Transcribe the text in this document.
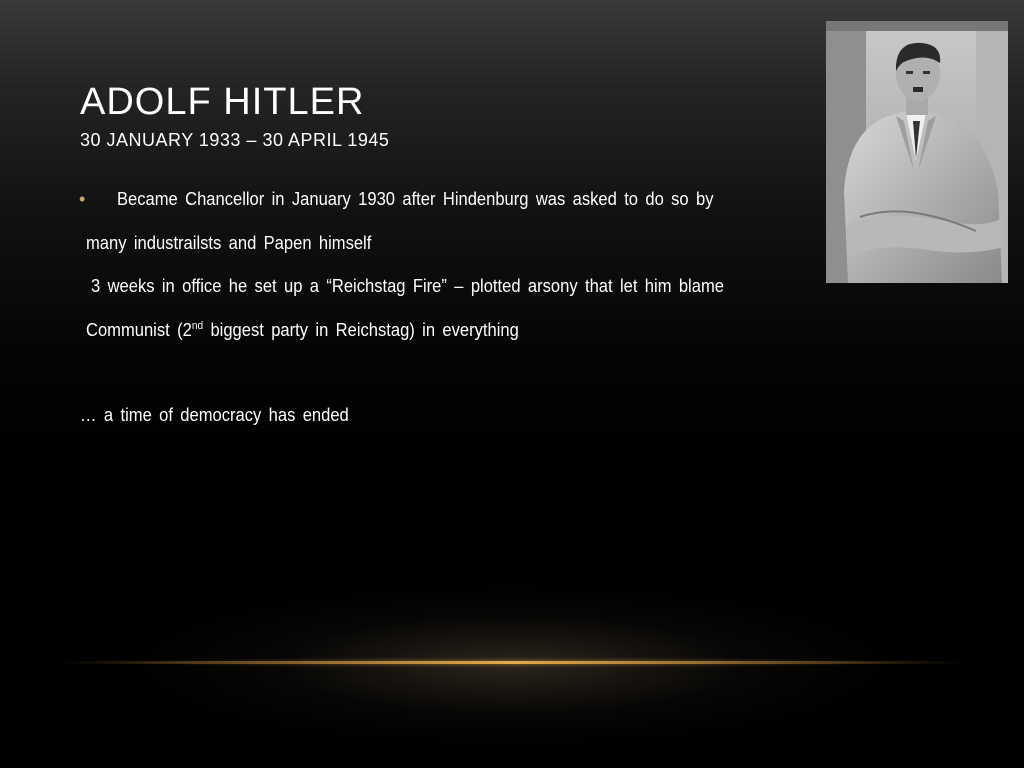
ADOLF HITLER
30 JANUARY 1933 – 30 APRIL 1945
• Became Chancellor in January 1930 after Hindenburg was asked to do so by
many industrailsts and Papen himself
3 weeks in office he set up a “Reichstag Fire” – plotted arsony that let him blame
Communist (2nd biggest party in Reichstag) in everything
… a time of democracy has ended
